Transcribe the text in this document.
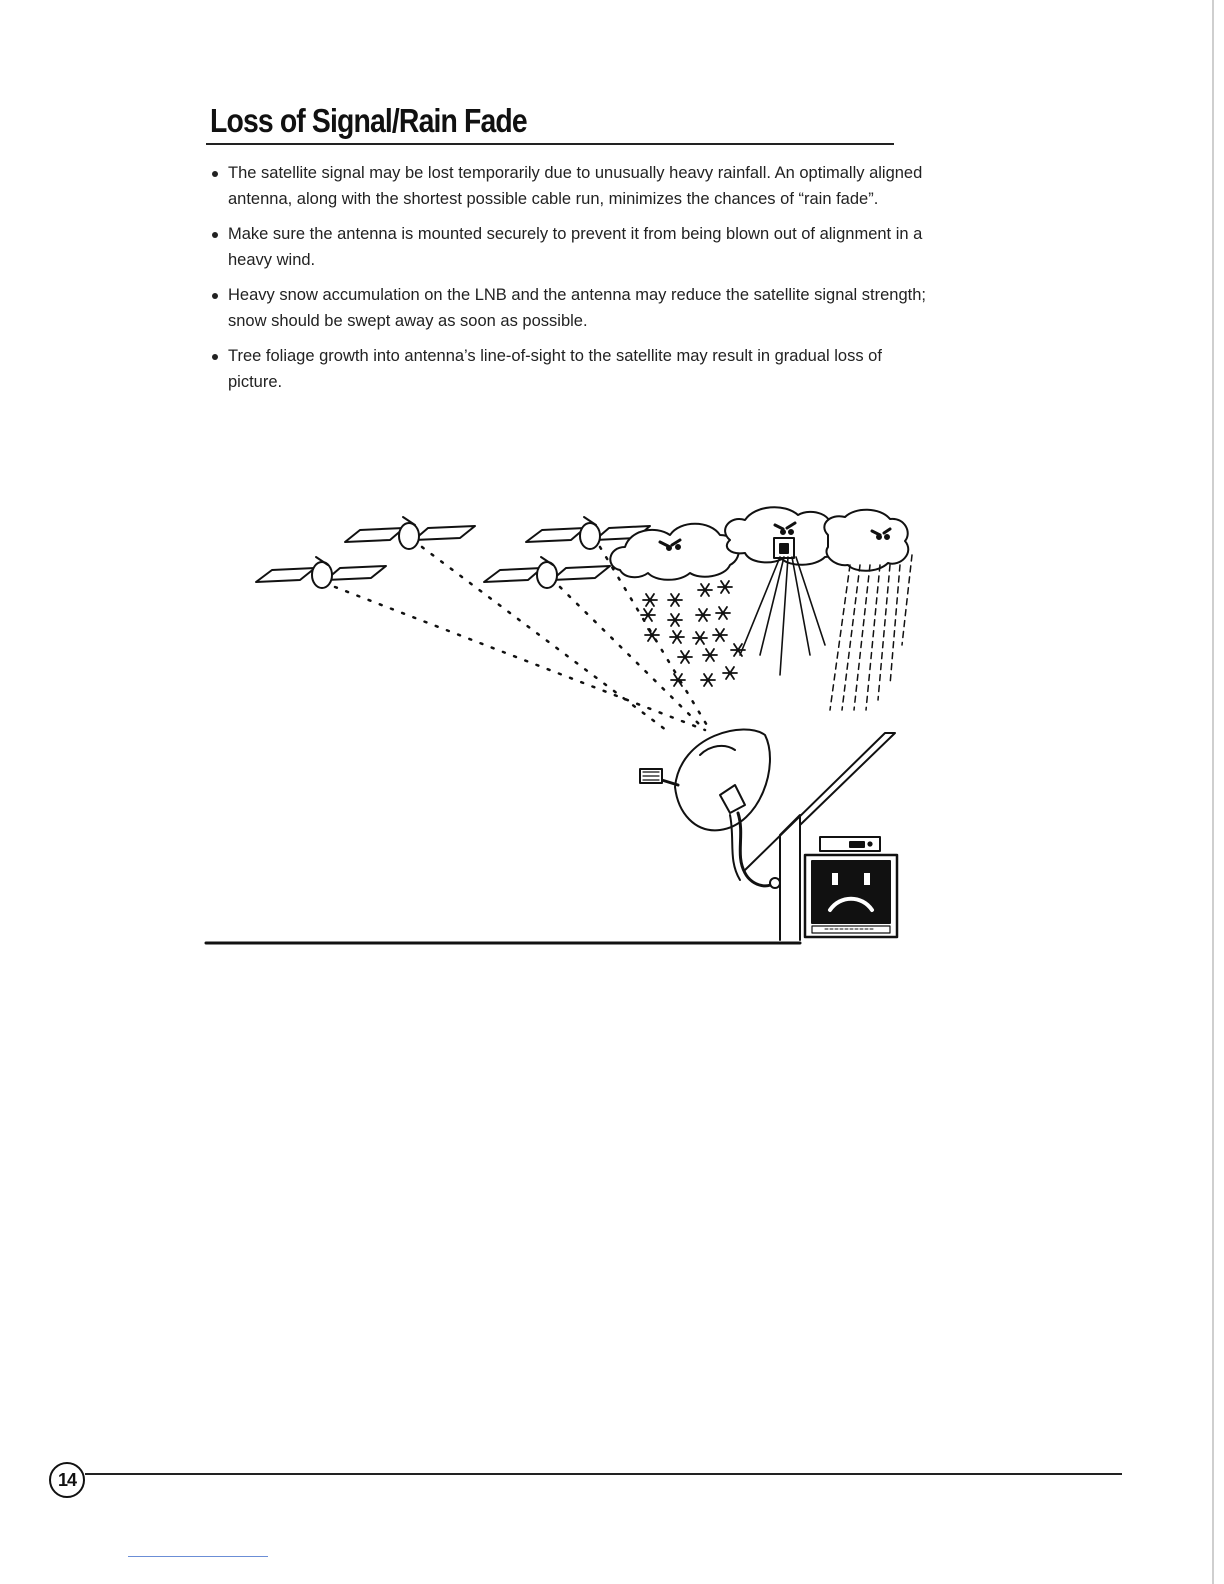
Loss of Signal/Rain Fade
The satellite signal may be lost temporarily due to unusually heavy rainfall. An optimally aligned antenna, along with the shortest possible cable run, minimizes the chances of “rain fade”.
Make sure the antenna is mounted securely to prevent it from being blown out of alignment in a heavy wind.
Heavy snow accumulation on the LNB and the antenna may reduce the satellite signal strength; snow should be swept away as soon as possible.
Tree foliage growth into antenna’s line-of-sight to the satellite may result in gradual loss of picture.
14
